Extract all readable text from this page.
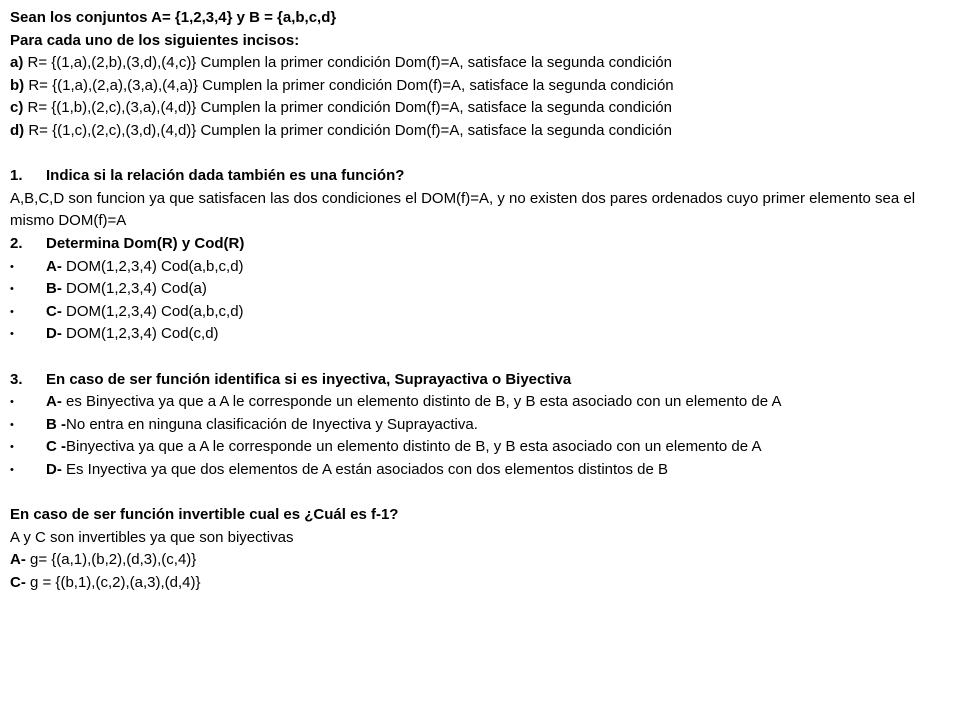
Sean los conjuntos A= {1,2,3,4} y B = {a,b,c,d}

Para cada uno de los siguientes incisos:

a) R= {(1,a),(2,b),(3,d),(4,c)} Cumplen la primer condición Dom(f)=A, satisface la segunda condición

b) R= {(1,a),(2,a),(3,a),(4,a)} Cumplen la primer condición Dom(f)=A, satisface la segunda condición

c) R= {(1,b),(2,c),(3,a),(4,d)} Cumplen la primer condición Dom(f)=A, satisface la segunda condición

d) R= {(1,c),(2,c),(3,d),(4,d)} Cumplen la primer condición Dom(f)=A, satisface la segunda condición

1. Indica si la relación dada también es una función?

A,B,C,D son funcion ya que satisfacen las dos condiciones el DOM(f)=A, y no existen dos pares ordenados cuyo primer elemento sea el mismo DOM(f)=A

2. Determina Dom(R) y Cod(R)

• A- DOM(1,2,3,4) Cod(a,b,c,d)
• B- DOM(1,2,3,4) Cod(a)
• C- DOM(1,2,3,4) Cod(a,b,c,d)
• D- DOM(1,2,3,4) Cod(c,d)

3. En caso de ser función identifica si es inyectiva, Suprayactiva o Biyectiva

• A- es Binyectiva ya que a A le corresponde un elemento distinto de B, y B esta asociado con un elemento de A
• B -No entra en ninguna clasificación de Inyectiva y Suprayactiva.
• C -Binyectiva ya que a A le corresponde un elemento distinto de B, y B esta asociado con un elemento de A
• D- Es Inyectiva ya que dos elementos de A están asociados con dos elementos distintos de B

En caso de ser función invertible cual es ¿Cuál es f-1?

A y C son invertibles ya que son biyectivas

A- g= {(a,1),(b,2),(d,3),(c,4)}

C- g = {(b,1),(c,2),(a,3),(d,4)}
